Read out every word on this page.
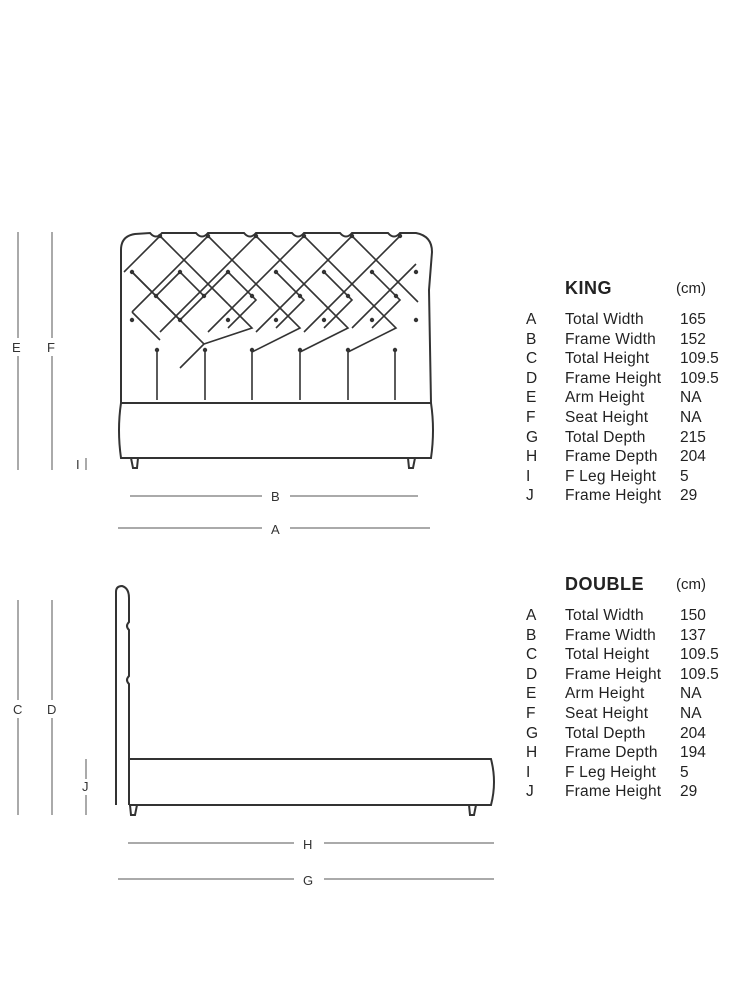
E F
I
B
A
C D
J
H
G
KING	(cm)
A Total Width 165
B Frame Width 152
C Total Height 109.5
D Frame Height 109.5
E Arm Height NA
F Seat Height NA
G Total Depth 215
H Frame Depth 204
I F Leg Height 5
J Frame Height 29
DOUBLE (cm)
A Total Width 150
B Frame Width 137
C Total Height 109.5
D Frame Height 109.5
E Arm Height NA
F Seat Height NA
G Total Depth 204
H Frame Depth 194
I F Leg Height 5
J Frame Height 29
